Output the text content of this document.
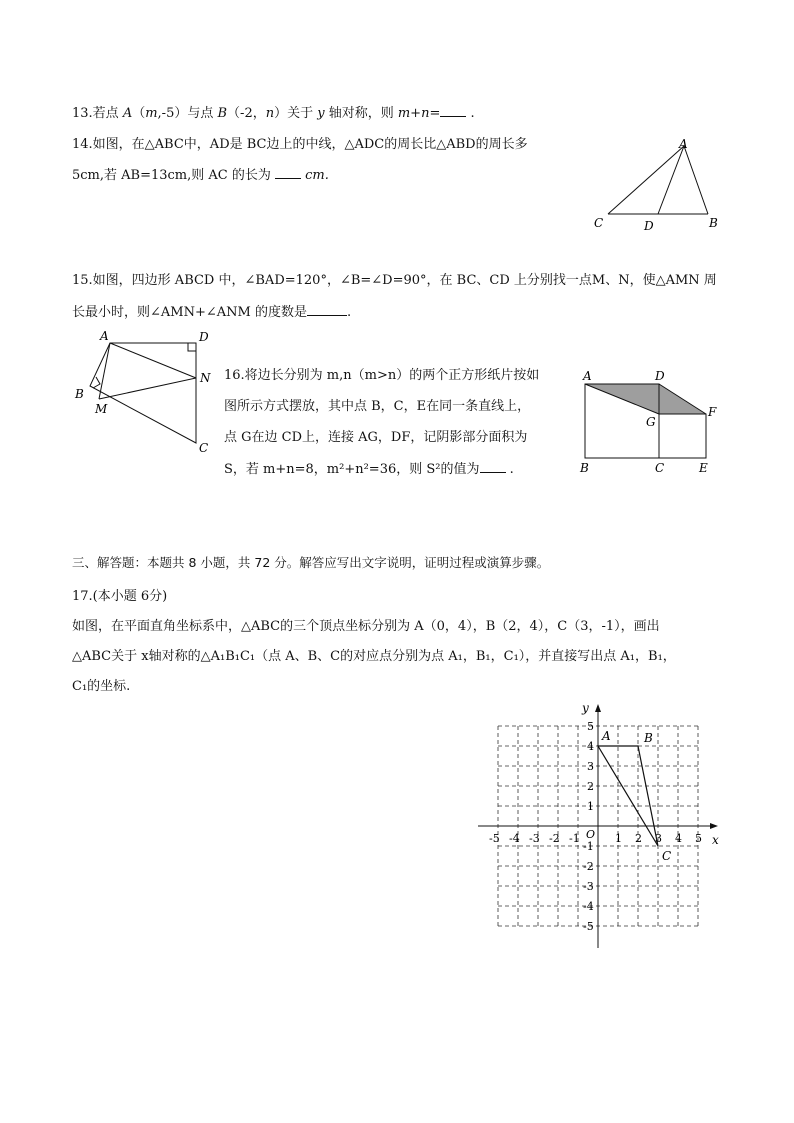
13.若点 A（m,-5）与点 B（-2，n）关于 y 轴对称，则 m+n= .
14.如图，在△ABC中，AD是 BC边上的中线，△ADC的周长比△ABD的周长多
5cm,若 AB=13cm,则 AC 的长为  cm.
A
C	D	B
15.如图，四边形 ABCD 中，∠BAD=120°，∠B=∠D=90°，在 BC、CD 上分别找一点M、N，使△AMN 周
长最小时，则∠AMN+∠ANM 的度数是	.
A	D
B
M
N
C
16.将边长分别为 m,n（m>n）的两个正方形纸片按如
图所示方式摆放，其中点 B，C，E在同一条直线上，
点 G在边 CD上，连接 AG，DF，记阴影部分面积为
S，若 m+n=8，m²+n²=36，则 S²的值为 .
A	D
F
G
B	C	E
三、解答题：本题共 8 小题，共 72 分。解答应写出文字说明，证明过程或演算步骤。
17.(本小题 6分)
如图，在平面直角坐标系中，△ABC的三个顶点坐标分别为 A（0，4），B（2，4），C（3，-1），画出
△ABC关于 x轴对称的△A₁B₁C₁（点 A、B、C的对应点分别为点 A₁，B₁，C₁），并直接写出点 A₁，B₁，
C₁的坐标.
-5 -4 -3 -2 -1	1 2 3 4 5
5
4
3
2
1
-1
-2
-3
-4
-5
A	B
C
x
y
O
